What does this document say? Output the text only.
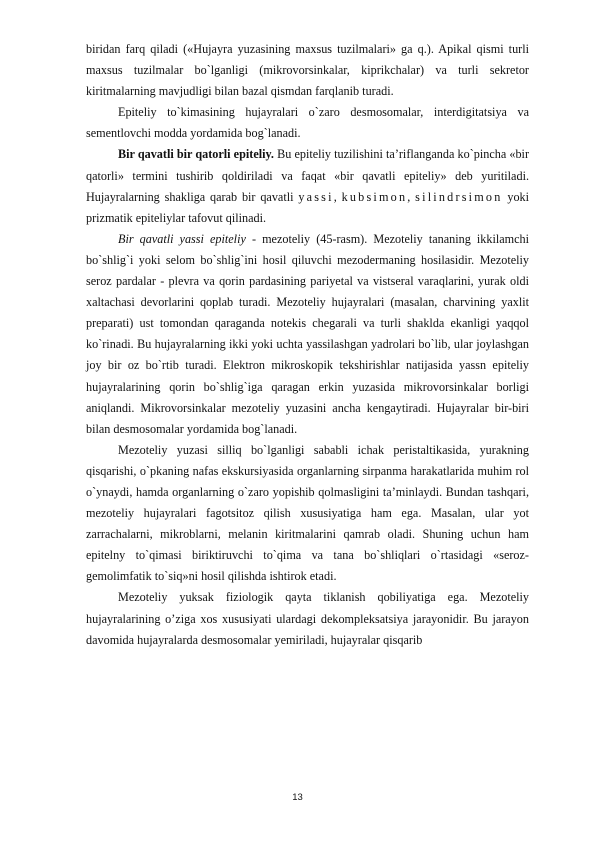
biridan farq qiladi («Hujayra yuzasining maxsus tuzilmalari» ga q.). Apikal qismi turli maxsus tuzilmalar bo`lganligi (mikrovorsinkalar, kiprikchalar) va turli sekretor kiritmalarning mavjudligi bilan bazal qismdan farqlanib turadi.

Epiteliy to`kimasining hujayralari o`zaro desmosomalar, interdigitatsiya va sementlovchi modda yordamida bog`lanadi.

Bir qavatli bir qatorli epiteliy. Bu epiteliy tuzilishini ta’riflanganda ko`pincha «bir qatorli» termini tushirib qoldiriladi va faqat «bir qavatli epiteliy» deb yuritiladi. Hujayralarning shakliga qarab bir qavatli yassi, kubsimon, silindrsimon yoki prizmatik epiteliylar tafovut qilinadi.

Bir qavatli yassi epiteliy - mezoteliy (45-rasm). Mezoteliy tananing ikkilamchi bo`shlig`i yoki selom bo`shlig`ini hosil qiluvchi mezodermaning hosilasidir. Mezoteliy seroz pardalar - plevra va qorin pardasining pariyetal va vistseral varaqlarini, yurak oldi xaltachasi devorlarini qoplab turadi. Mezoteliy hujayralari (masalan, charvining yaxlit preparati) ust tomondan qaraganda notekis chegarali va turli shaklda ekanligi yaqqol ko`rinadi. Bu hujayralarning ikki yoki uchta yassilashgan yadrolari bo`lib, ular joylashgan joy bir oz bo`rtib turadi. Elektron mikroskopik tekshirishlar natijasida yassn epiteliy hujayralarining qorin bo`shlig`iga qaragan erkin yuzasida mikrovorsinkalar borligi aniqlandi. Mikrovorsinkalar mezoteliy yuzasini ancha kengaytiradi. Hujayralar bir-biri bilan desmosomalar yordamida bog`lanadi.

Mezoteliy yuzasi silliq bo`lganligi sababli ichak peristaltikasida, yurakning qisqarishi, o`pkaning nafas ekskursiyasida organlarning sirpanma harakatlarida muhim rol o`ynaydi, hamda organlarning o`zaro yopishib qolmasligini ta’minlaydi. Bundan tashqari, mezoteliy hujayralari fagotsitoz qilish xususiyatiga ham ega. Masalan, ular yot zarrachalarni, mikroblarni, melanin kiritmalarini qamrab oladi. Shuning uchun ham epitelny to`qimasi biriktiruvchi to`qima va tana bo`shliqlari o`rtasidagi «seroz-gemolimfatik to`siq»ni hosil qilishda ishtirok etadi.

Mezoteliy yuksak fiziologik qayta tiklanish qobiliyatiga ega. Mezoteliy hujayralarining o’ziga xos xususiyati ulardagi dekompleksatsiya jarayonidir. Bu jarayon davomida hujayralarda desmosomalar yemiriladi, hujayralar qisqarib

13
